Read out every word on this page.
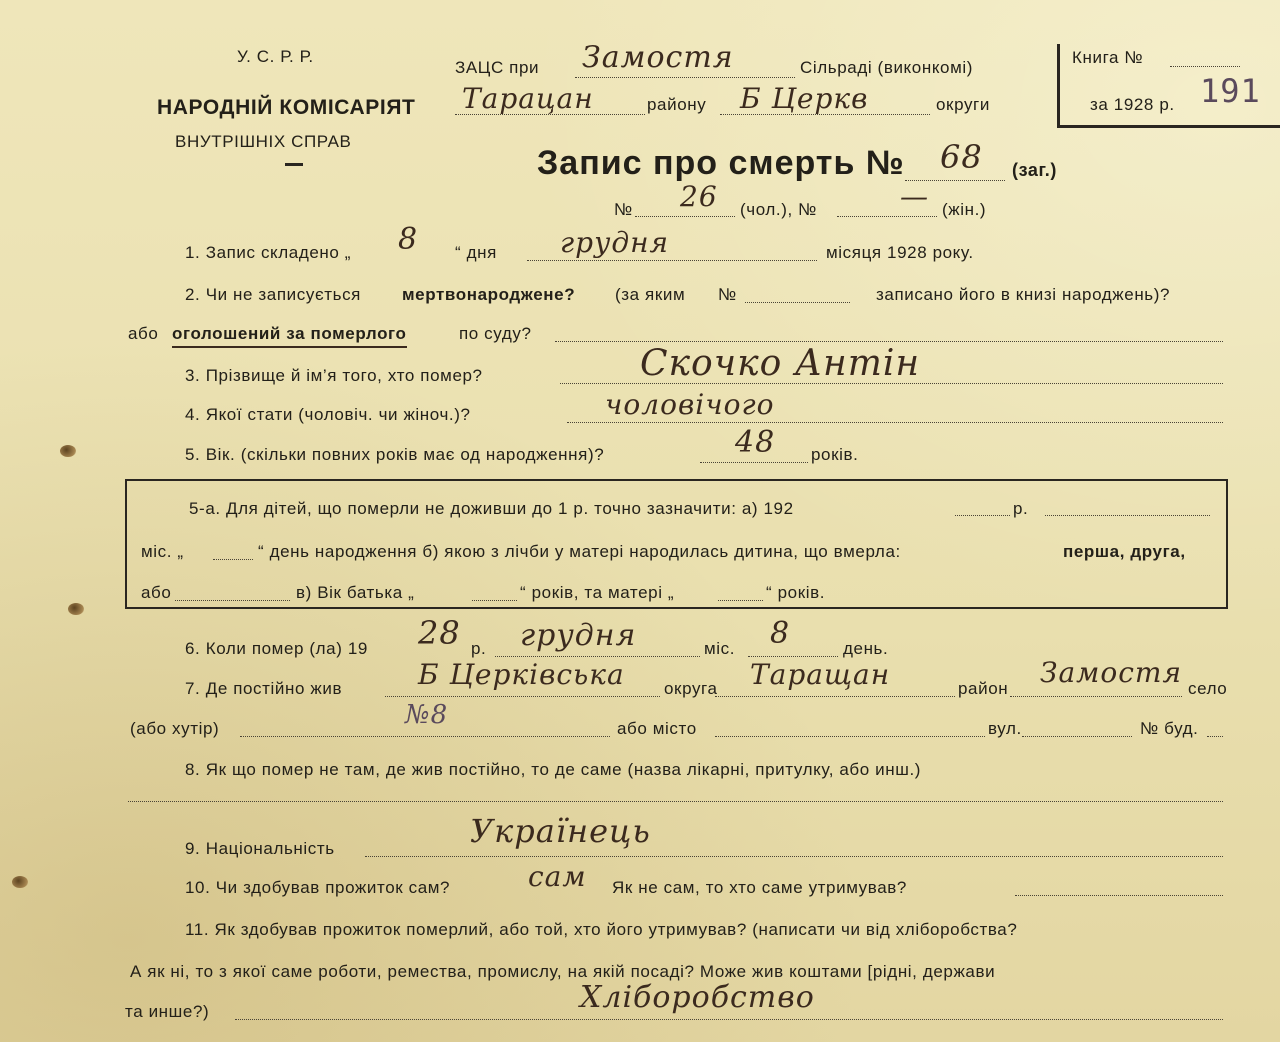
У. С. Р. Р.
НАРОДНІЙ КОМІСАРІЯТ
ВНУТРІШНІХ СПРАВ
ЗАЦС при Замостя	Сільраді (виконкомі)
Тарацан	району Б Церкв	округи
Книга №
за 1928 р. 191
Запис про смерть № 68 (заг.)
№ 26 (чол.), №	— (жін.)
1. Запис складено „ 8 “ дня грудня	місяця 1928 року.
2. Чи не записується мертвонароджене? (за яким №	записано його в книзі народжень)?
або оголошений за померлого	по суду?
3. Прізвище й ім’я того, хто помер?	Скочко Антін
4. Якої стати (чоловіч. чи жіноч.)?	чоловічого
5. Вік. (скільки повних років має од народження)?	48 років.
5-а. Для дітей, що померли не доживши до 1 р. точно зазначити: а) 192	р.
міс. „	“ день народження б) якою з лічби у матері народилась дитина, що вмерла:	перша, друга,
або	в) Вік батька „	“ років, та матері „	“ років.
6. Коли помер (ла) 19 28 р. грудня	міс. 8	день.
7. Де постійно жив	Б Церківська округа Таращан	район Замостя село
(або хутір)	№8	або місто	вул.	№ буд.
8. Як що помер не там, де жив постійно, то де саме (назва лікарні, притулку, або инш.)
9. Національність	Українець
10. Чи здобував прожиток сам?	сам Як не сам, то хто саме утримував?
11. Як здобував прожиток померлий, або той, хто його утримував? (написати чи від хліборобства?
А як ні, то з якої саме роботи, ремества, промислу, на якій посаді? Може жив коштами [рідні, держави
та инше?)	Хліборобство
